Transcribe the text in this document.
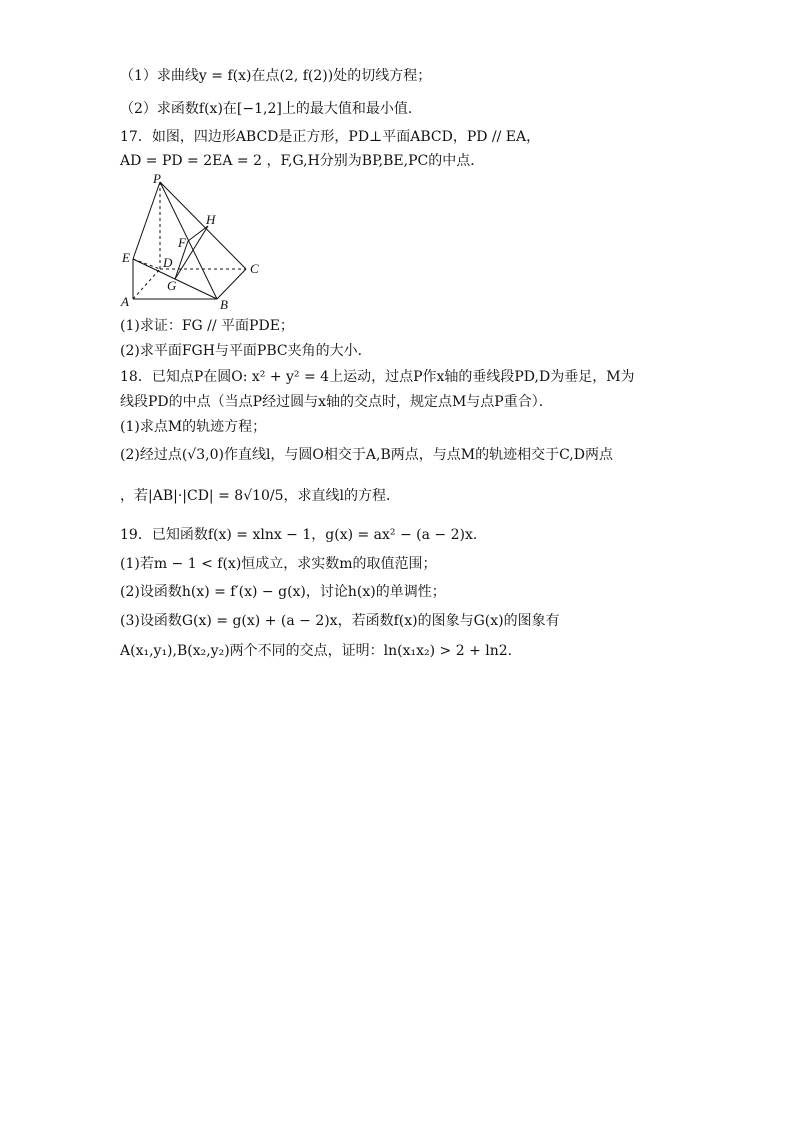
（1）求曲线y = f(x)在点(2, f(2))处的切线方程；
（2）求函数f(x)在[−1,2]上的最大值和最小值.
17．如图，四边形ABCD是正方形，PD⊥平面ABCD，PD // EA，
AD = PD = 2EA = 2 ，F,G,H分别为BP,BE,PC的中点．
P
H
F
E	D	C
G
A	B
(1)求证：FG // 平面PDE；
(2)求平面FGH与平面PBC夹角的大小．
18．已知点P在圆O: x² + y² = 4上运动，过点P作x轴的垂线段PD,D为垂足，M为
线段PD的中点（当点P经过圆与x轴的交点时，规定点M与点P重合）．
(1)求点M的轨迹方程；
(2)经过点(√3,0)作直线l，与圆O相交于A,B两点，与点M的轨迹相交于C,D两点
，若|AB|·|CD| = 8√10/5，求直线l的方程．
19．已知函数f(x) = xlnx − 1，g(x) = ax² − (a − 2)x.
(1)若m − 1 < f(x)恒成立，求实数m的取值范围；
(2)设函数h(x) = f′(x) − g(x)，讨论h(x)的单调性；
(3)设函数G(x) = g(x) + (a − 2)x，若函数f(x)的图象与G(x)的图象有
A(x₁,y₁),B(x₂,y₂)两个不同的交点，证明：ln(x₁x₂) > 2 + ln2.
